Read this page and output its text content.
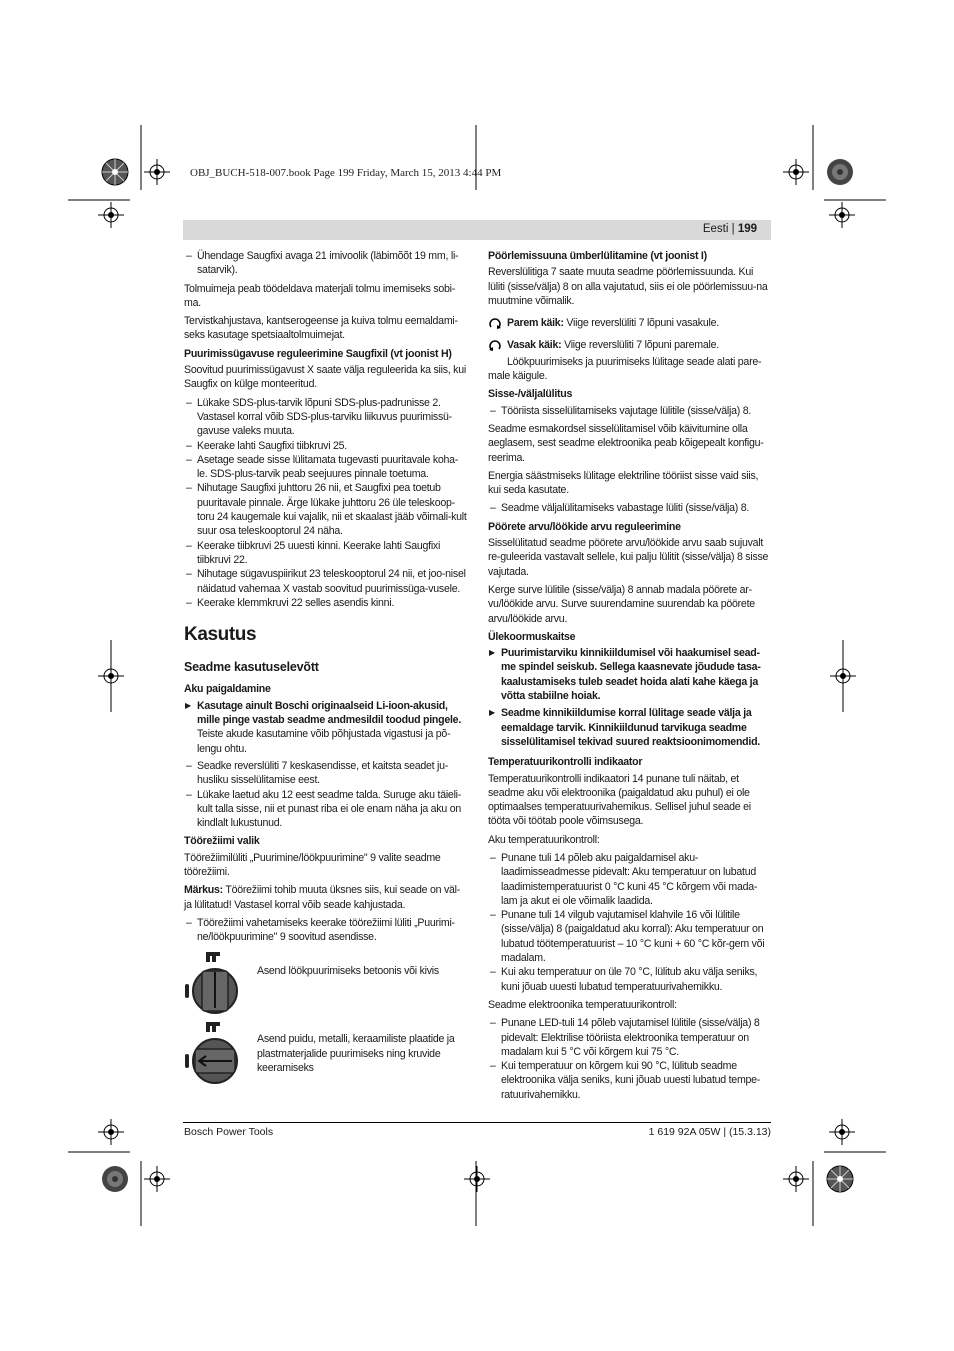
OBJ_BUCH-518-007.book Page 199 Friday, March 15, 2013 4:44 PM
Eesti | 199
– Ühendage Saugfixi avaga 21 imivoolik (läbimõõt 19 mm, li-satarvik).
Tolmuimeja peab töödeldava materjali tolmu imemiseks sobi-ma.
Tervistkahjustava, kantserogeense ja kuiva tolmu eemaldami-seks kasutage spetsiaaltolmuimejat.
Puurimissügavuse reguleerimine Saugfixil (vt joonist H)
Soovitud puurimissügavust X saate välja reguleerida ka siis, kui Saugfix on külge monteeritud.
– Lükake SDS-plus-tarvik lõpuni SDS-plus-padrunisse 2. Vastasel korral võib SDS-plus-tarviku liikuvus puurimissü-gavuse valeks muuta.
– Keerake lahti Saugfixi tiibkruvi 25.
– Asetage seade sisse lülitamata tugevasti puuritavale koha-le. SDS-plus-tarvik peab seejuures pinnale toetuma.
– Nihutage Saugfixi juhttoru 26 nii, et Saugfixi pea toetub puuritavale pinnale. Ärge lükake juhttoru 26 üle teleskoop-toru 24 kaugemale kui vajalik, nii et skaalast jääb võimali-kult suur osa teleskooptorul 24 näha.
– Keerake tiibkruvi 25 uuesti kinni. Keerake lahti Saugfixi tiibkruvi 22.
– Nihutage sügavuspiirikut 23 teleskooptorul 24 nii, et joo-nisel näidatud vahemaa X vastab soovitud puurimissüga-vusele.
– Keerake klemmkruvi 22 selles asendis kinni.
Kasutus
Seadme kasutuselevõtt
Aku paigaldamine
▶ Kasutage ainult Boschi originaalseid Li-ioon-akusid, mille pinge vastab seadme andmesildil toodud pingele. Teiste akude kasutamine võib põhjustada vigastusi ja põ-lengu ohtu.
– Seadke reverslüliti 7 keskasendisse, et kaitsta seadet ju-husliku sisselülitamise eest.
– Lükake laetud aku 12 eest seadme talda. Suruge aku täieli-kult talla sisse, nii et punast riba ei ole enam näha ja aku on kindlalt lukustunud.
Töörežiimi valik
Töörežiimilüliti „Puurimine/löökpuurimine" 9 valite seadme töörežiimi.
Märkus: Töörežiimi tohib muuta üksnes siis, kui seade on väl-ja lülitatud! Vastasel korral võib seade kahjustada.
– Töörežiimi vahetamiseks keerake töörežiimi lüliti „Puurimi-ne/löökpuurimine" 9 soovitud asendisse.
Asend löökpuurimiseks betoonis või kivis
Asend puidu, metalli, keraamiliste plaatide ja plastmaterjalide puurimiseks ning kruvide keeramiseks
Pöörlemissuuna ümberlülitamine (vt joonist I)
Reverslülitiga 7 saate muuta seadme pöörlemissuunda. Kui lüliti (sisse/välja) 8 on alla vajutatud, siis ei ole pöörlemissuu-na muutmine võimalik.
Parem käik: Viige reverslüliti 7 lõpuni vasakule.
Vasak käik: Viige reverslüliti 7 lõpuni paremale.
Löökpuurimiseks ja puurimiseks lülitage seade alati pare-male käigule.
Sisse-/väljalülitus
– Tööriista sisselülitamiseks vajutage lülitile (sisse/välja) 8.
Seadme esmakordsel sisselülitamisel võib käivitumine olla aeglasem, sest seadme elektroonika peab kõigepealt konfigu-reerima.
Energia säästmiseks lülitage elektriline tööriist sisse vaid siis, kui seda kasutate.
– Seadme väljalülitamiseks vabastage lüliti (sisse/välja) 8.
Pöörete arvu/löökide arvu reguleerimine
Sisselülitatud seadme pöörete arvu/löökide arvu saab sujuvalt re-guleerida vastavalt sellele, kui palju lülitit (sisse/välja) 8 sisse vajutada.
Kerge surve lülitile (sisse/välja) 8 annab madala pöörete ar-vu/löökide arvu. Surve suurendamine suurendab ka pöörete arvu/löökide arvu.
Ülekoormuskaitse
▶ Puurimistarviku kinnikiildumisel või haakumisel sead-me spindel seiskub. Sellega kaasnevate jõudude tasa-kaalustamiseks tuleb seadet hoida alati kahe käega ja võtta stabiilne hoiak.
▶ Seadme kinnikiildumise korral lülitage seade välja ja eemaldage tarvik. Kinnikiildunud tarvikuga seadme sisselülitamisel tekivad suured reaktsioonimomendid.
Temperatuurikontrolli indikaator
Temperatuurikontrolli indikaatori 14 punane tuli näitab, et seadme aku või elektroonika (paigaldatud aku puhul) ei ole optimaalses temperatuurivahemikus. Sellisel juhul seade ei tööta või töötab poole võimsusega.
Aku temperatuurikontroll:
– Punane tuli 14 põleb aku paigaldamisel aku-laadimisseadmesse pidevalt: Aku temperatuur on lubatud laadimistemperatuurist 0 °C kuni 45 °C kõrgem või mada-lam ja akut ei ole võimalik laadida.
– Punane tuli 14 vilgub vajutamisel klahvile 16 või lülitile (sisse/välja) 8 (paigaldatud aku korral): Aku temperatuur on lubatud töötemperatuurist – 10 °C kuni + 60 °C kõr-gem või madalam.
– Kui aku temperatuur on üle 70 °C, lülitub aku välja seniks, kuni jõuab uuesti lubatud temperatuurivahemikku.
Seadme elektroonika temperatuurikontroll:
– Punane LED-tuli 14 põleb vajutamisel lülitile (sisse/välja) 8 pidevalt: Elektrilise tööriista elektroonika temperatuur on madalam kui 5 °C või kõrgem kui 75 °C.
– Kui temperatuur on kõrgem kui 90 °C, lülitub seadme elektroonika välja seniks, kuni jõuab uuesti lubatud tempe-ratuurivahemikku.
Bosch Power Tools	1 619 92A 05W | (15.3.13)
